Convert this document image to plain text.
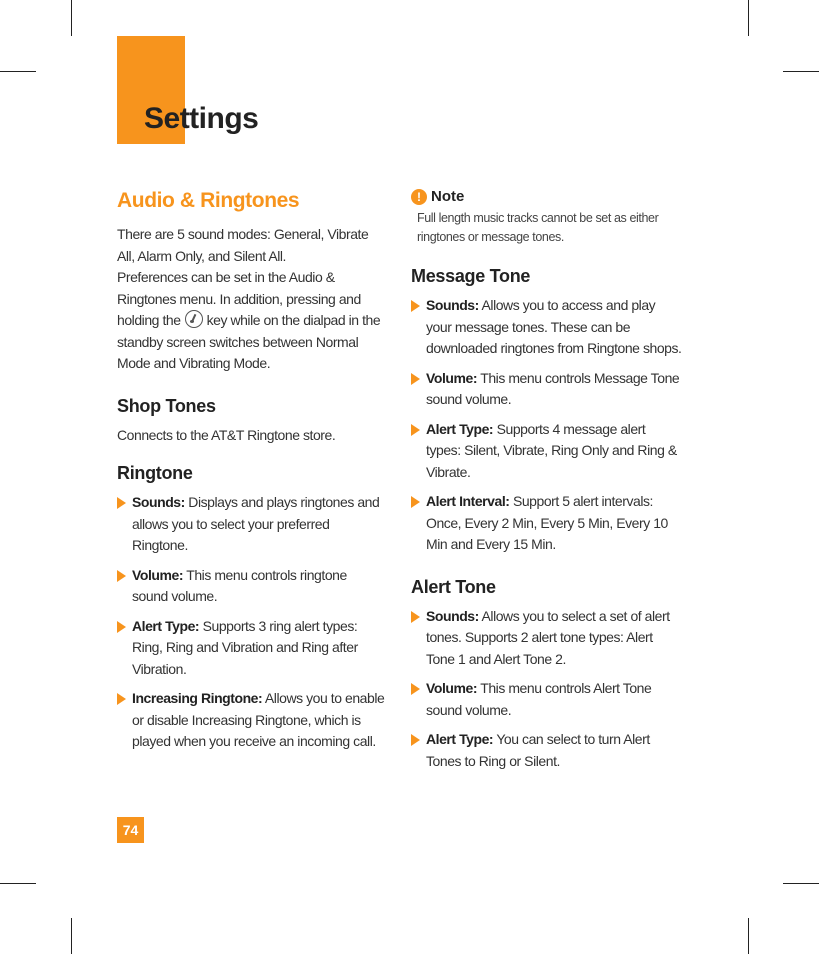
Settings
Audio & Ringtones

There are 5 sound modes: General, Vibrate All, Alarm Only, and Silent All.

Preferences can be set in the Audio & Ringtones menu. In addition, pressing and holding the key while on the dialpad in the standby screen switches between Normal Mode and Vibrating Mode.

Shop Tones

Connects to the AT&T Ringtone store.

Ringtone
Sounds: Displays and plays ringtones and allows you to select your preferred Ringtone.
Volume: This menu controls ringtone sound volume.
Alert Type: Supports 3 ring alert types: Ring, Ring and Vibration and Ring after Vibration.
Increasing Ringtone: Allows you to enable or disable Increasing Ringtone, which is played when you receive an incoming call.
! Note

Full length music tracks cannot be set as either ringtones or message tones.

Message Tone
Sounds: Allows you to access and play your message tones. These can be downloaded ringtones from Ringtone shops.
Volume: This menu controls Message Tone sound volume.
Alert Type: Supports 4 message alert types: Silent, Vibrate, Ring Only and Ring & Vibrate.
Alert Interval: Support 5 alert intervals: Once, Every 2 Min, Every 5 Min, Every 10 Min and Every 15 Min.
Alert Tone
Sounds: Allows you to select a set of alert tones. Supports 2 alert tone types: Alert Tone 1 and Alert Tone 2.
Volume: This menu controls Alert Tone sound volume.
Alert Type: You can select to turn Alert Tones to Ring or Silent.
74
